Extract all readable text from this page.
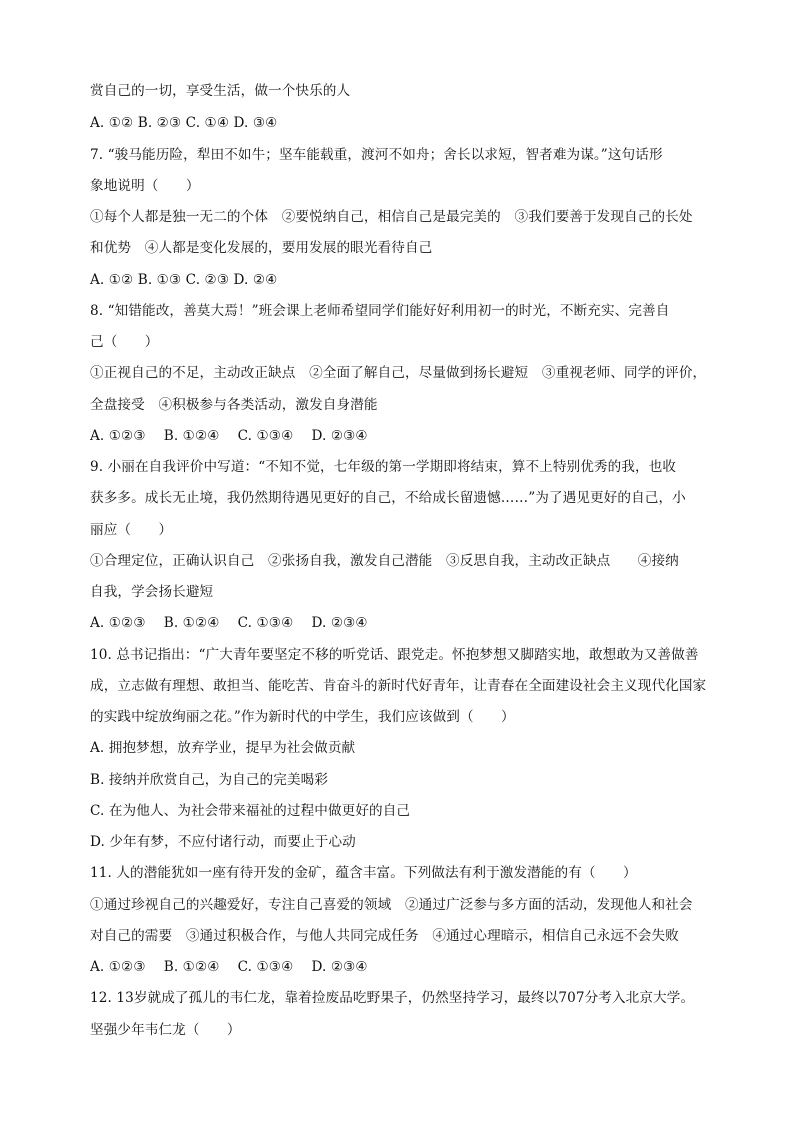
赏自己的一切，享受生活，做一个快乐的人
A. ①② B. ②③ C. ①④ D. ③④
7. “骏马能历险，犁田不如牛；坚车能载重，渡河不如舟；舍长以求短，智者难为谋。”这句话形
象地说明（　　）
①每个人都是独一无二的个体　②要悦纳自己，相信自己是最完美的　③我们要善于发现自己的长处
和优势　④人都是变化发展的，要用发展的眼光看待自己
A. ①② B. ①③ C. ②③ D. ②④
8. “知错能改，善莫大焉！”班会课上老师希望同学们能好好利用初一的时光，不断充实、完善自
己（　　）
①正视自己的不足，主动改正缺点　②全面了解自己，尽量做到扬长避短　③重视老师、同学的评价，
全盘接受　④积极参与各类活动，激发自身潜能
A. ①②③　 B. ①②④　 C. ①③④　 D. ②③④
9. 小丽在自我评价中写道：“不知不觉，七年级的第一学期即将结束，算不上特别优秀的我，也收
获多多。成长无止境，我仍然期待遇见更好的自己，不给成长留遗憾……”为了遇见更好的自己，小
丽应（　　）
①合理定位，正确认识自己　②张扬自我，激发自己潜能　③反思自我，主动改正缺点　　④接纳
自我，学会扬长避短
A. ①②③　 B. ①②④　 C. ①③④　 D. ②③④
10. 总书记指出：“广大青年要坚定不移的听党话、跟党走。怀抱梦想又脚踏实地，敢想敢为又善做善
成，立志做有理想、敢担当、能吃苦、肯奋斗的新时代好青年，让青春在全面建设社会主义现代化国家
的实践中绽放绚丽之花。”作为新时代的中学生，我们应该做到（　　）
A. 拥抱梦想，放弃学业，提早为社会做贡献
B. 接纳并欣赏自己，为自己的完美喝彩
C. 在为他人、为社会带来福祉的过程中做更好的自己
D. 少年有梦，不应付诸行动，而要止于心动
11. 人的潜能犹如一座有待开发的金矿，蕴含丰富。下列做法有利于激发潜能的有（　　）
①通过珍视自己的兴趣爱好，专注自己喜爱的领域　②通过广泛参与多方面的活动，发现他人和社会
对自己的需要　③通过积极合作，与他人共同完成任务　④通过心理暗示，相信自己永远不会失败
A. ①②③　 B. ①②④　 C. ①③④　 D. ②③④
12. 13岁就成了孤儿的韦仁龙，靠着捡废品吃野果子，仍然坚持学习，最终以707分考入北京大学。
坚强少年韦仁龙（　　）
